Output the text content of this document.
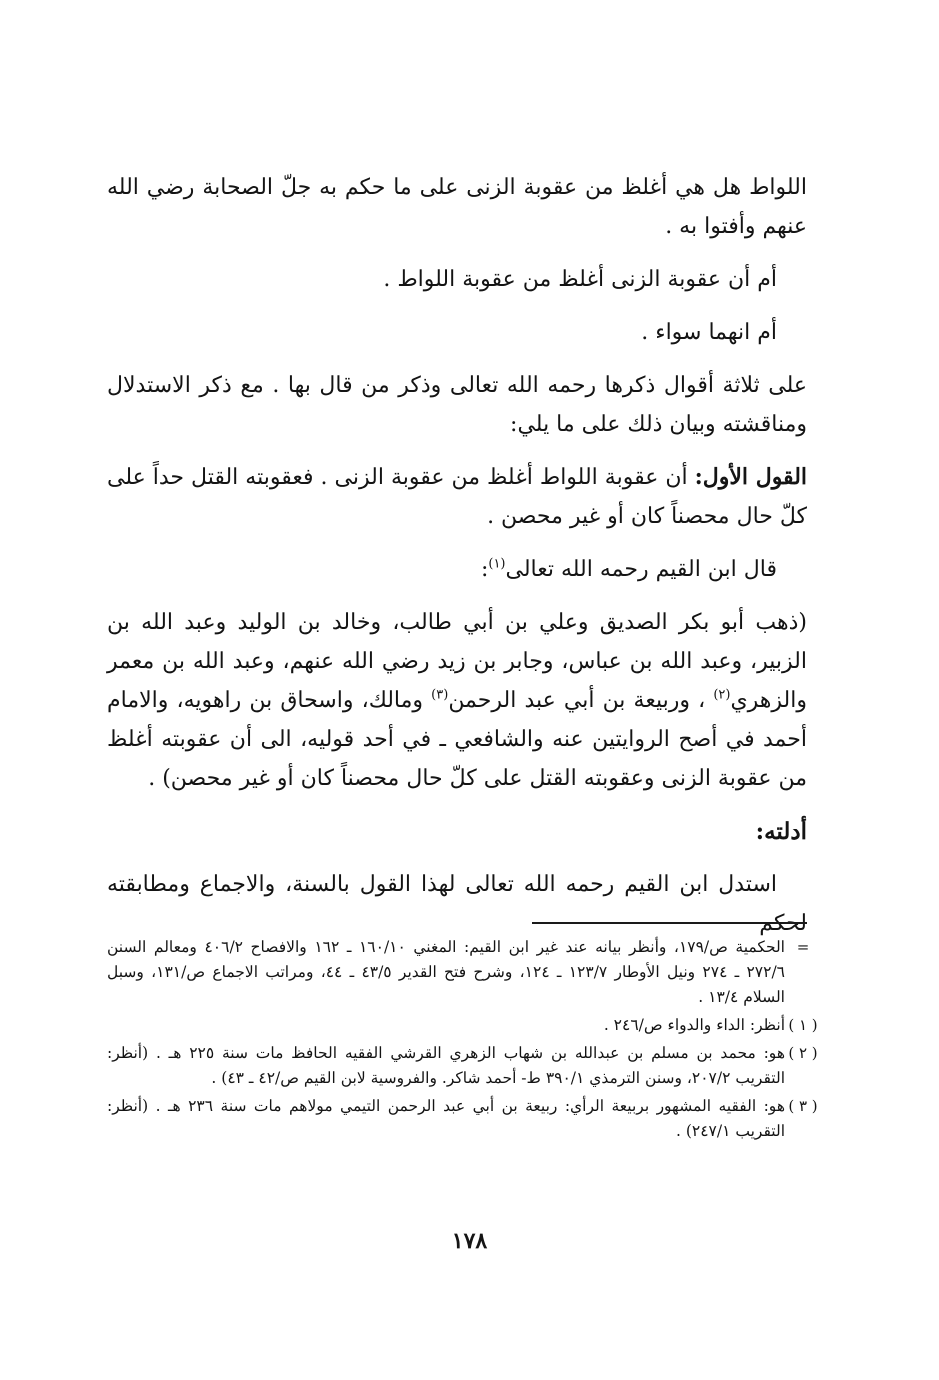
اللواط هل هي أغلظ من عقوبة الزنى على ما حكم به جلّ الصحابة رضي الله عنهم وأفتوا به .

أم أن عقوبة الزنى أغلظ من عقوبة اللواط .

أم انهما سواء .

على ثلاثة أقوال ذكرها رحمه الله تعالى وذكر من قال بها . مع ذكر الاستدلال ومناقشته وبيان ذلك على ما يلي:

القول الأول: أن عقوبة اللواط أغلظ من عقوبة الزنى . فعقوبته القتل حداً على كلّ حال محصناً كان أو غير محصن .

قال ابن القيم رحمه الله تعالى$^{(١)}$:

(ذهب أبو بكر الصديق وعلي بن أبي طالب، وخالد بن الوليد وعبد الله بن الزبير، وعبد الله بن عباس، وجابر بن زيد رضي الله عنهم، وعبد الله بن معمر والزهري$^{(٢)}$ ، وربيعة بن أبي عبد الرحمن$^{(٣)}$ ومالك، واسحاق بن راهويه، والامام أحمد في أصح الروايتين عنه والشافعي ـ في أحد قوليه، الى أن عقوبته أغلظ من عقوبة الزنى وعقوبته القتل على كلّ حال محصناً كان أو غير محصن) .

أدلته:

استدل ابن القيم رحمه الله تعالى لهذا القول بالسنة، والاجماع ومطابقته لحكم

=
الحكمية ص/١٧٩، وأنظر بيانه عند غير ابن القيم: المغني ١٦٠/١٠ ـ ١٦٢ والافصاح ٤٠٦/٢ ومعالم السنن ٢٧٢/٦ ـ ٢٧٤ ونيل الأوطار ١٢٣/٧ ـ ١٢٤، وشرح فتح القدير ٤٣/٥ ـ ٤٤، ومراتب الاجماع ص/١٣١، وسبل السلام ١٣/٤ .
( ١ )
أنظر: الداء والدواء ص/٢٤٦ .
( ٢ )
هو: محمد بن مسلم بن عبدالله بن شهاب الزهري القرشي الفقيه الحافظ مات سنة ٢٢٥ هـ . (أنظر: التقريب ٢٠٧/٢، وسنن الترمذي ٣٩٠/١ ط- أحمد شاكر. والفروسية لابن القيم ص/٤٢ ـ ٤٣) .
( ٣ )
هو: الفقيه المشهور بربيعة الرأي: ربيعة بن أبي عبد الرحمن التيمي مولاهم مات سنة ٢٣٦ هـ . (أنظر: التقريب ٢٤٧/١) .
١٧٨
